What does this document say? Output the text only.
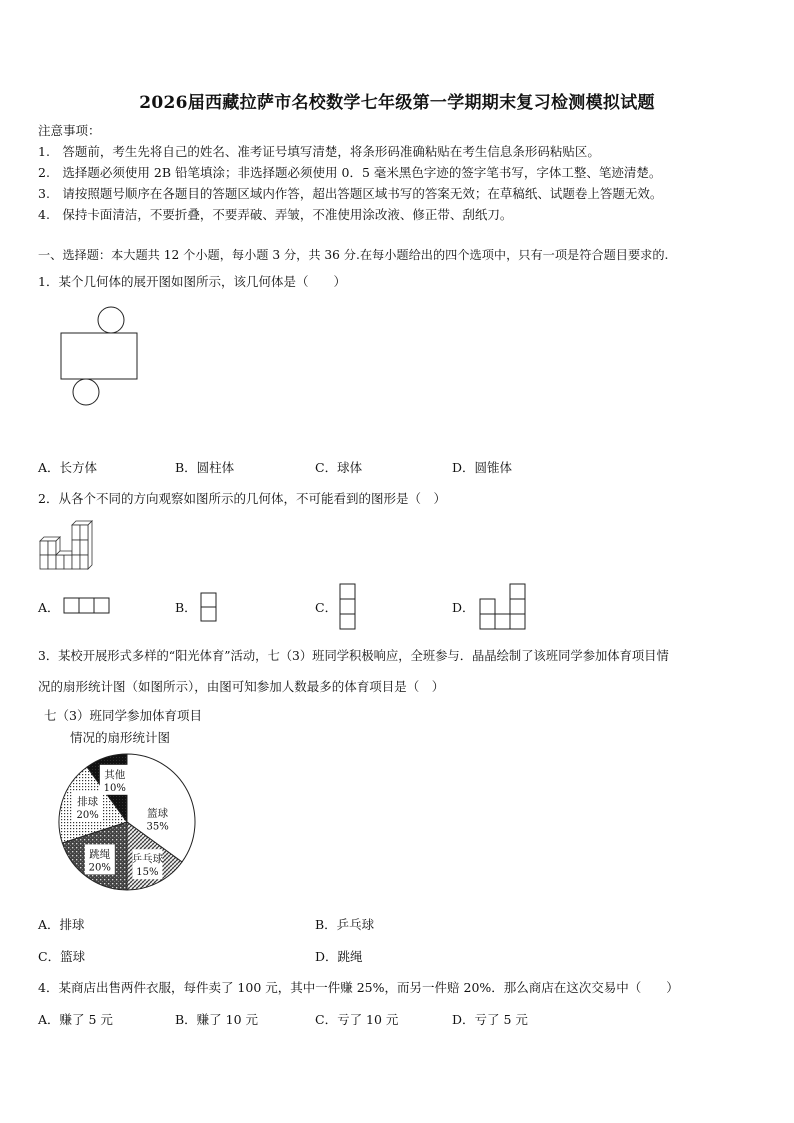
2026届西藏拉萨市名校数学七年级第一学期期末复习检测模拟试题
注意事项：
1.　答题前，考生先将自己的姓名、准考证号填写清楚，将条形码准确粘贴在考生信息条形码粘贴区。
2.　选择题必须使用 2B 铅笔填涂；非选择题必须使用 0．5 毫米黑色字迹的签字笔书写，字体工整、笔迹清楚。
3.　请按照题号顺序在各题目的答题区域内作答，超出答题区域书写的答案无效；在草稿纸、试题卷上答题无效。
4.　保持卡面清洁，不要折叠，不要弄破、弄皱，不准使用涂改液、修正带、刮纸刀。
一、选择题：本大题共 12 个小题，每小题 3 分，共 36 分.在每小题给出的四个选项中，只有一项是符合题目要求的.
1．某个几何体的展开图如图所示，该几何体是（　　）
A．长方体	B．圆柱体	C．球体	D．圆锥体
2．从各个不同的方向观察如图所示的几何体，不可能看到的图形是（　）
A．	B．	C．	D．
3．某校开展形式多样的“阳光体育”活动，七（3）班同学积极响应，全班参与．晶晶绘制了该班同学参加体育项目情
况的扇形统计图（如图所示），由图可知参加人数最多的体育项目是（　）
七（3）班同学参加体育项目
情况的扇形统计图
篮球
35%
乒乓球
15%
跳绳
20%
排球
20%
其他
10%
A．排球	B．乒乓球
C．篮球	D．跳绳
4．某商店出售两件衣服，每件卖了 100 元，其中一件赚 25%，而另一件赔 20%．那么商店在这次交易中（　　）
A．赚了 5 元	B．赚了 10 元	C．亏了 10 元	D．亏了 5 元
